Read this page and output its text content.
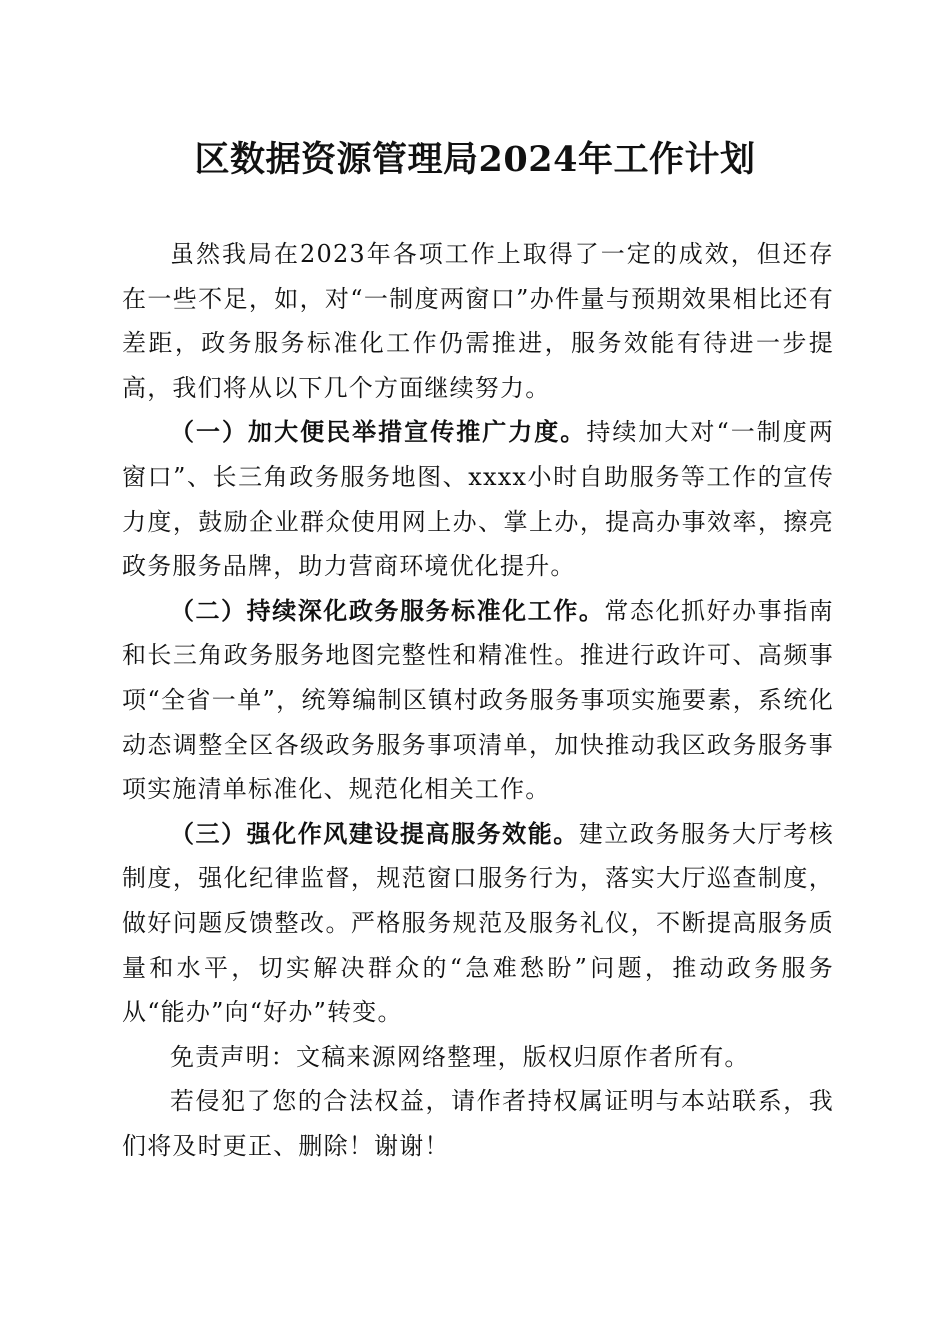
区数据资源管理局2024年工作计划

虽然我局在2023年各项工作上取得了一定的成效，但还存在一些不足，如，对“一制度两窗口”办件量与预期效果相比还有差距，政务服务标准化工作仍需推进，服务效能有待进一步提高，我们将从以下几个方面继续努力。

（一）加大便民举措宣传推广力度。持续加大对“一制度两窗口”、长三角政务服务地图、xxxx小时自助服务等工作的宣传力度，鼓励企业群众使用网上办、掌上办，提高办事效率，擦亮政务服务品牌，助力营商环境优化提升。

（二）持续深化政务服务标准化工作。常态化抓好办事指南和长三角政务服务地图完整性和精准性。推进行政许可、高频事项“全省一单”，统筹编制区镇村政务服务事项实施要素，系统化动态调整全区各级政务服务事项清单，加快推动我区政务服务事项实施清单标准化、规范化相关工作。

（三）强化作风建设提高服务效能。建立政务服务大厅考核制度，强化纪律监督，规范窗口服务行为，落实大厅巡查制度，做好问题反馈整改。严格服务规范及服务礼仪，不断提高服务质量和水平，切实解决群众的“急难愁盼”问题，推动政务服务从“能办”向“好办”转变。

免责声明：文稿来源网络整理，版权归原作者所有。

若侵犯了您的合法权益，请作者持权属证明与本站联系，我们将及时更正、删除！谢谢！
